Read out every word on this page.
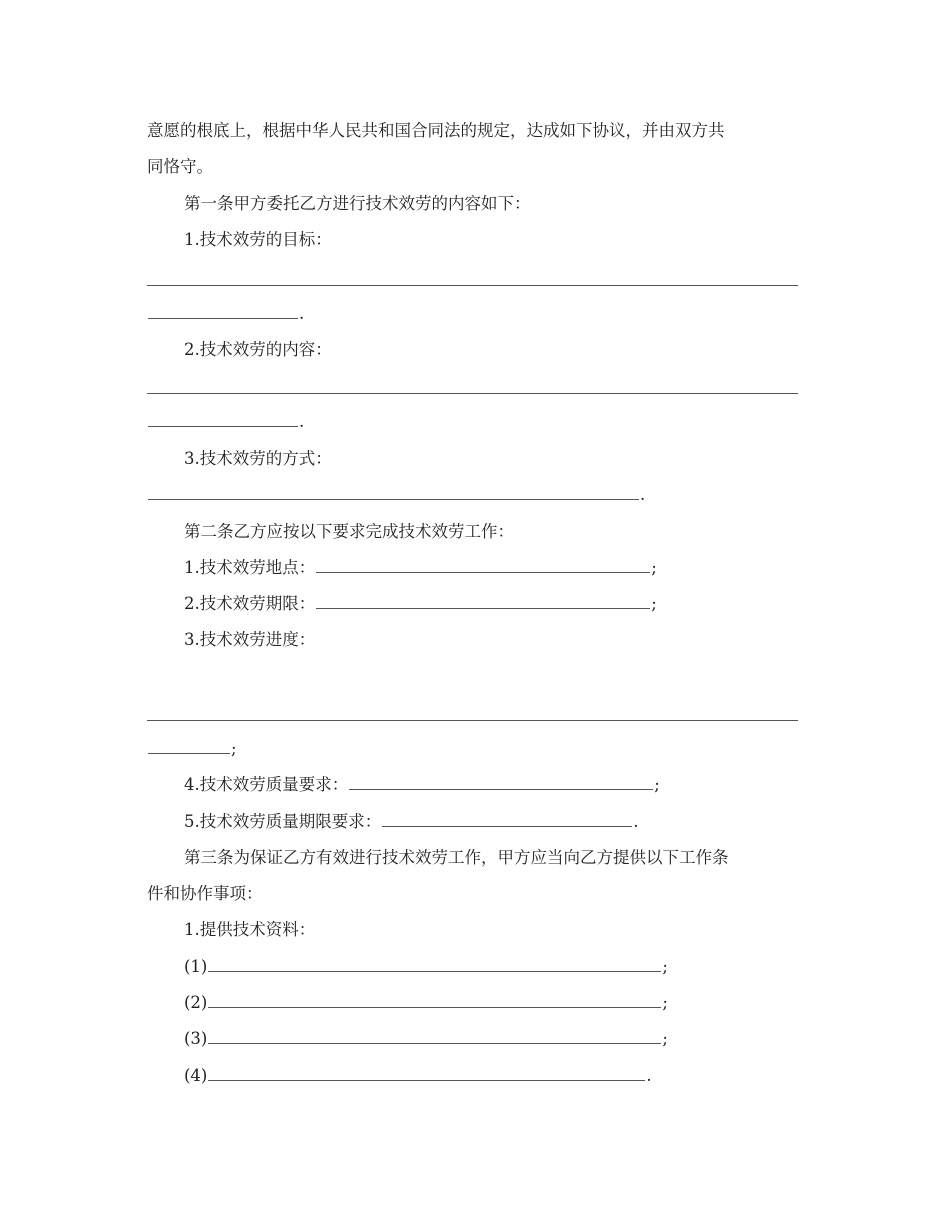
意愿的根底上，根据中华人民共和国合同法的规定，达成如下协议，并由双方共
同恪守。
第一条甲方委托乙方进行技术效劳的内容如下：
1.技术效劳的目标：
.
2.技术效劳的内容：
.
3.技术效劳的方式：
.
第二条乙方应按以下要求完成技术效劳工作：
1.技术效劳地点：	;
2.技术效劳期限：	;
3.技术效劳进度：
;
4.技术效劳质量要求：	;
5.技术效劳质量期限要求：	.
第三条为保证乙方有效进行技术效劳工作，甲方应当向乙方提供以下工作条
件和协作事项：
1.提供技术资料：
(1)	;
(2)	;
(3)	;
(4)	.
